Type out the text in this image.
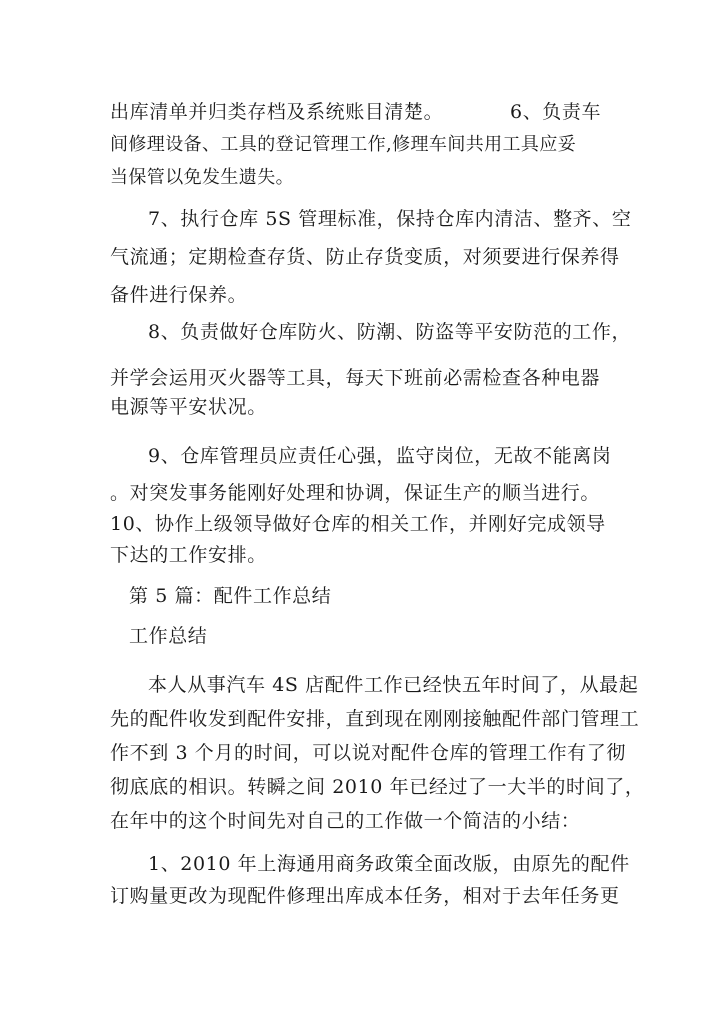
出库清单并归类存档及系统账目清楚。	6、负责车

间修理设备、工具的登记管理工作,修理车间共用工具应妥

当保管以免发生遗失。

7、执行仓库 5S 管理标准，保持仓库内清洁、整齐、空

气流通；定期检查存货、防止存货变质，对须要进行保养得

备件进行保养。

8、负责做好仓库防火、防潮、防盗等平安防范的工作，

并学会运用灭火器等工具，每天下班前必需检查各种电器

电源等平安状况。

9、仓库管理员应责任心强，监守岗位，无故不能离岗

。对突发事务能刚好处理和协调，保证生产的顺当进行。

10、协作上级领导做好仓库的相关工作，并刚好完成领导

下达的工作安排。

第 5 篇：配件工作总结

工作总结

本人从事汽车 4S 店配件工作已经快五年时间了，从最起

先的配件收发到配件安排，直到现在刚刚接触配件部门管理工

作不到 3 个月的时间，可以说对配件仓库的管理工作有了彻

彻底底的相识。转瞬之间 2010 年已经过了一大半的时间了，

在年中的这个时间先对自己的工作做一个简洁的小结：

1、2010 年上海通用商务政策全面改版，由原先的配件

订购量更改为现配件修理出库成本任务，相对于去年任务更
